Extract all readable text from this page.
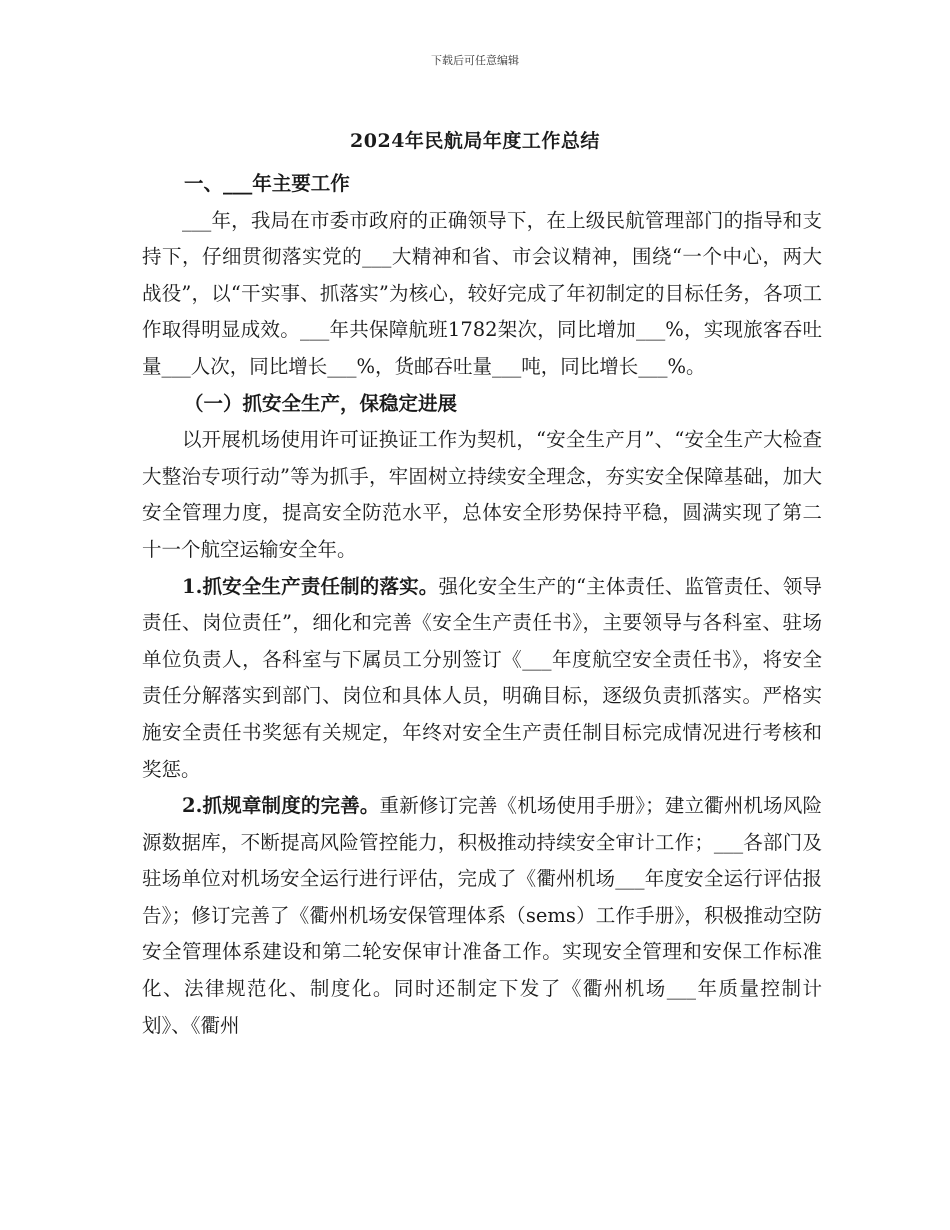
下载后可任意编辑
2024年民航局年度工作总结

一、___年主要工作

___年，我局在市委市政府的正确领导下，在上级民航管理部门的指导和支持下，仔细贯彻落实党的___大精神和省、市会议精神，围绕“一个中心，两大战役”，以“干实事、抓落实”为核心，较好完成了年初制定的目标任务，各项工作取得明显成效。___年共保障航班1782架次，同比增加___%，实现旅客吞吐量___人次，同比增长___%，货邮吞吐量___吨，同比增长___%。

（一）抓安全生产，保稳定进展

以开展机场使用许可证换证工作为契机，“安全生产月”、“安全生产大检查大整治专项行动”等为抓手，牢固树立持续安全理念，夯实安全保障基础，加大安全管理力度，提高安全防范水平，总体安全形势保持平稳，圆满实现了第二十一个航空运输安全年。

1.抓安全生产责任制的落实。强化安全生产的“主体责任、监管责任、领导责任、岗位责任”，细化和完善《安全生产责任书》，主要领导与各科室、驻场单位负责人，各科室与下属员工分别签订《___年度航空安全责任书》，将安全责任分解落实到部门、岗位和具体人员，明确目标，逐级负责抓落实。严格实施安全责任书奖惩有关规定，年终对安全生产责任制目标完成情况进行考核和奖惩。

2.抓规章制度的完善。重新修订完善《机场使用手册》；建立衢州机场风险源数据库，不断提高风险管控能力，积极推动持续安全审计工作；___各部门及驻场单位对机场安全运行进行评估，完成了《衢州机场___年度安全运行评估报告》；修订完善了《衢州机场安保管理体系（sems）工作手册》，积极推动空防安全管理体系建设和第二轮安保审计准备工作。实现安全管理和安保工作标准化、法律规范化、制度化。同时还制定下发了《衢州机场___年质量控制计划》、《衢州
